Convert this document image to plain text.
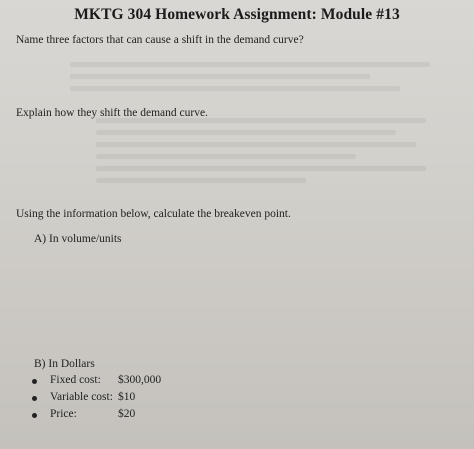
MKTG 304 Homework Assignment: Module #13
Name three factors that can cause a shift in the demand curve?
Explain how they shift the demand curve.
Using the information below, calculate the breakeven point.
A) In volume/units
B) In Dollars
Fixed cost: $300,000
Variable cost: $10
Price:	$20
